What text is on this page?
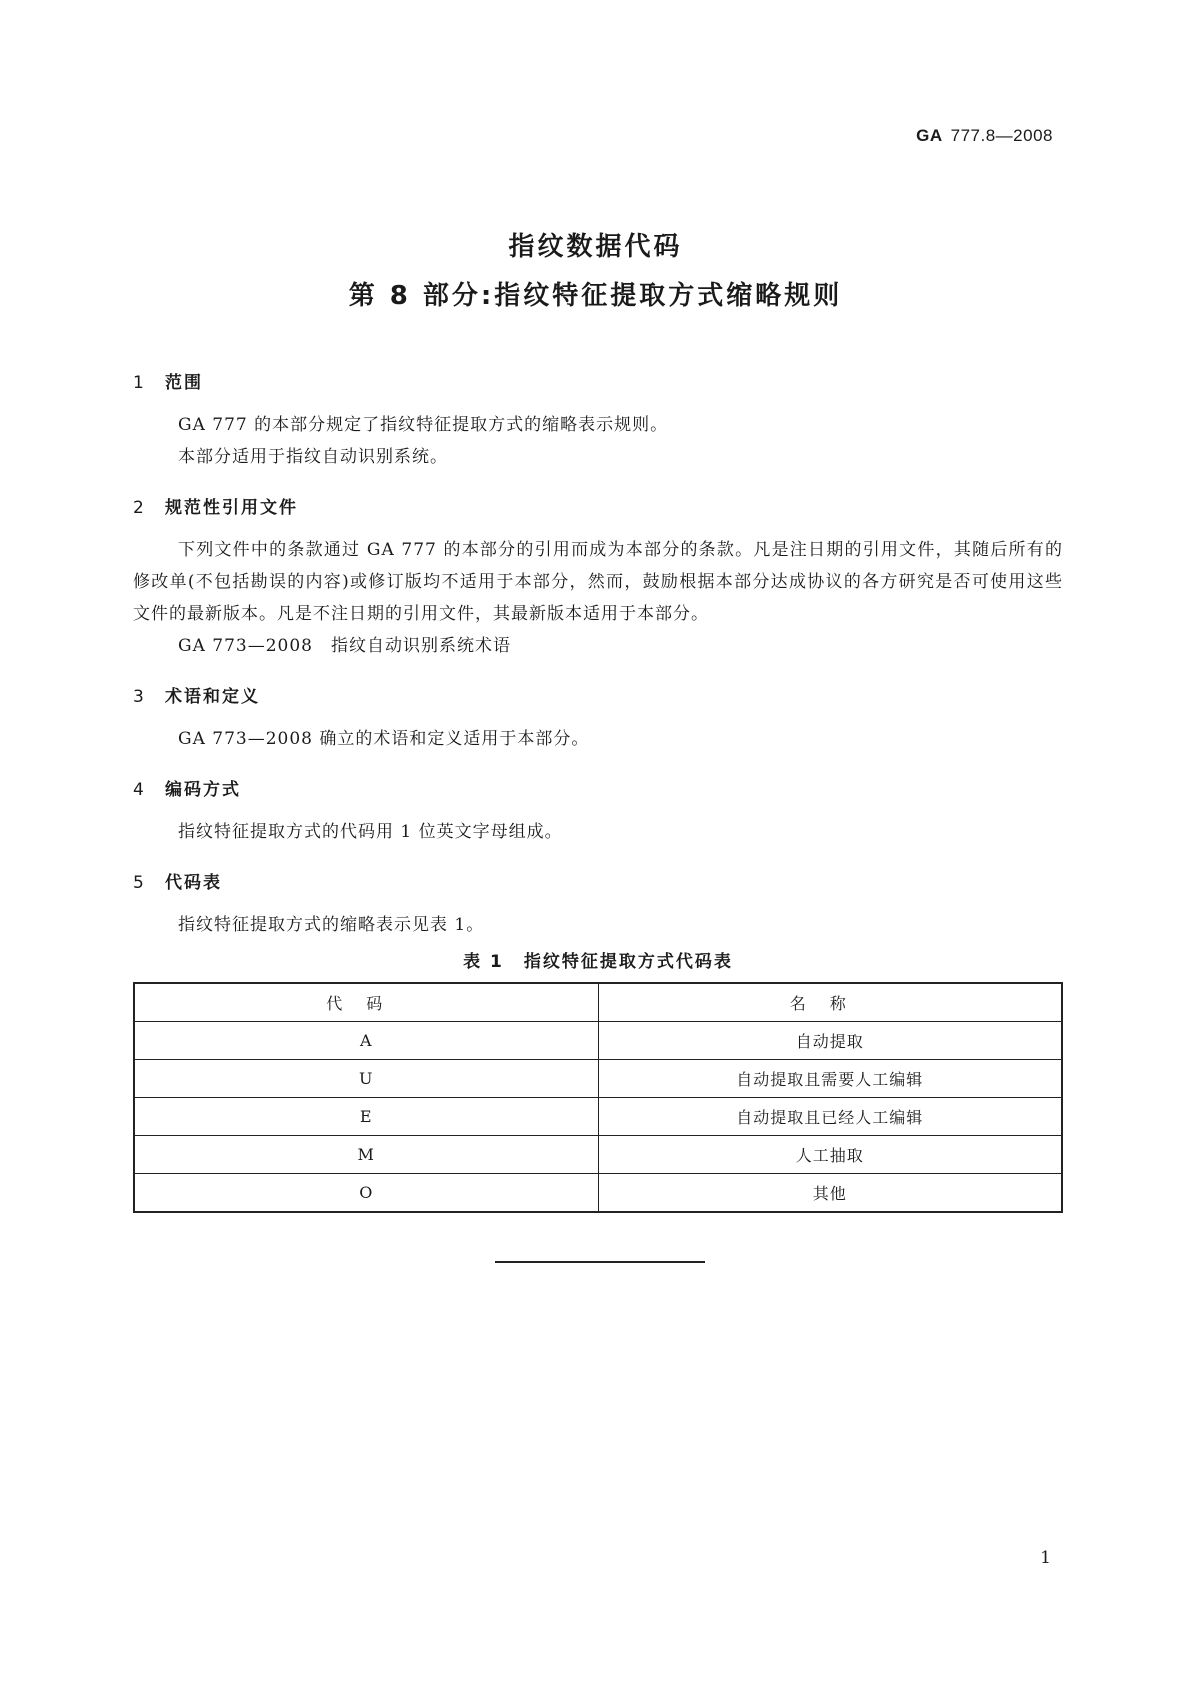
GA 777.8—2008
指纹数据代码
第 8 部分:指纹特征提取方式缩略规则
1 范围

GA 777 的本部分规定了指纹特征提取方式的缩略表示规则。

本部分适用于指纹自动识别系统。

2 规范性引用文件

下列文件中的条款通过 GA 777 的本部分的引用而成为本部分的条款。凡是注日期的引用文件，其随后所有的修改单(不包括勘误的内容)或修订版均不适用于本部分，然而，鼓励根据本部分达成协议的各方研究是否可使用这些文件的最新版本。凡是不注日期的引用文件，其最新版本适用于本部分。

GA 773—2008　指纹自动识别系统术语

3 术语和定义

GA 773—2008 确立的术语和定义适用于本部分。

4 编码方式

指纹特征提取方式的代码用 1 位英文字母组成。

5 代码表

指纹特征提取方式的缩略表示见表 1。

表 1 指纹特征提取方式代码表
代码	名称
A	自动提取
U	自动提取且需要人工编辑
E	自动提取且已经人工编辑
M	人工抽取
O	其他
1
